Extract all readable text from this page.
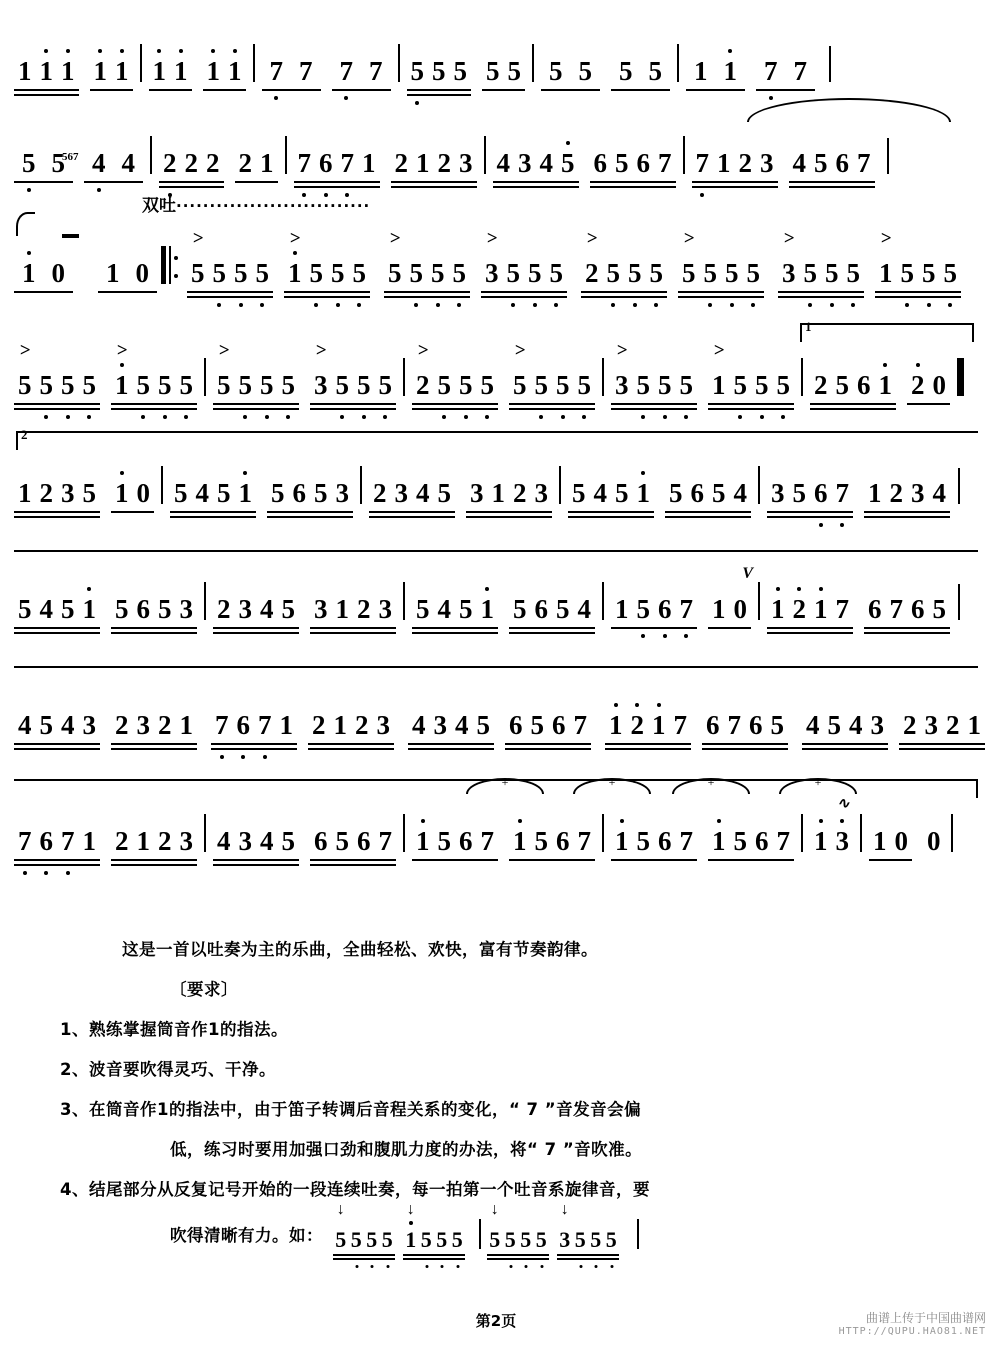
1 1 1 1 1 1 1 1 1 7 7 7 7 5 5 5 5 5 5 5 5 5 1 1 7 7
5 5 4 4 2 2 2 2 1 7 6 7 1 2 1 2 3 4 3 4 5 6 5 6 7 7 1 2 3 4 5 6 7
双吐·····························
567
1 0 1 0
>
5 5 5 5
>
1 5 5 5
>
5 5 5 5
>
3 5 5 5
>
2 5 5 5
>
5 5 5 5
>
3 5 5 5
>
1 5 5 5
1
>
5 5 5 5
>
1 5 5 5
>
5 5 5 5
>
3 5 5 5
>
2 5 5 5
>
5 5 5 5
>
3 5 5 5
>
1 5 5 5 2 5 6 1 2 0
2
1 2 3 5 1 0 5 4 5 1 5 6 5 3 2 3 4 5 3 1 2 3 5 4 5 1 5 6 5 4 3 5 6 7 1 2 3 4
5 4 5 1 5 6 5 3 2 3 4 5 3 1 2 3 5 4 5 1 5 6 5 4 1 5 6 7 1 0
V
1 2 1 7 6 7 6 5
4 5 4 3 2 3 2 1 7 6 7 1 2 1 2 3 4 3 4 5 6 5 6 7 1 2 1 7 6 7 6 5 4 5 4 3 2 3 2 1
+	+	+	+
7 6 7 1 2 1 2 3 4 3 4 5 6 5 6 7 1 5 6 7 1 5 6 7 1 5 6 7 1 5 6 7 1 3
∿
1 0 0
这是一首以吐奏为主的乐曲，全曲轻松、欢快，富有节奏韵律。
〔要求〕
1、熟练掌握筒音作1的指法。
2、波音要吹得灵巧、干净。
3、在筒音作1的指法中，由于笛子转调后音程关系的变化，“ 7 ”音发音会偏
低，练习时要用加强口劲和腹肌力度的办法，将“ 7 ”音吹准。
4、结尾部分从反复记号开始的一段连续吐奏，每一拍第一个吐音系旋律音，要
吹得清晰有力。如：
↓
5 5 5 5
↓
1 5 5 5
↓
5 5 5 5
↓
3 5 5 5
第2页	曲谱上传于中国曲谱网
HTTP://QUPU.HAO81.NET
